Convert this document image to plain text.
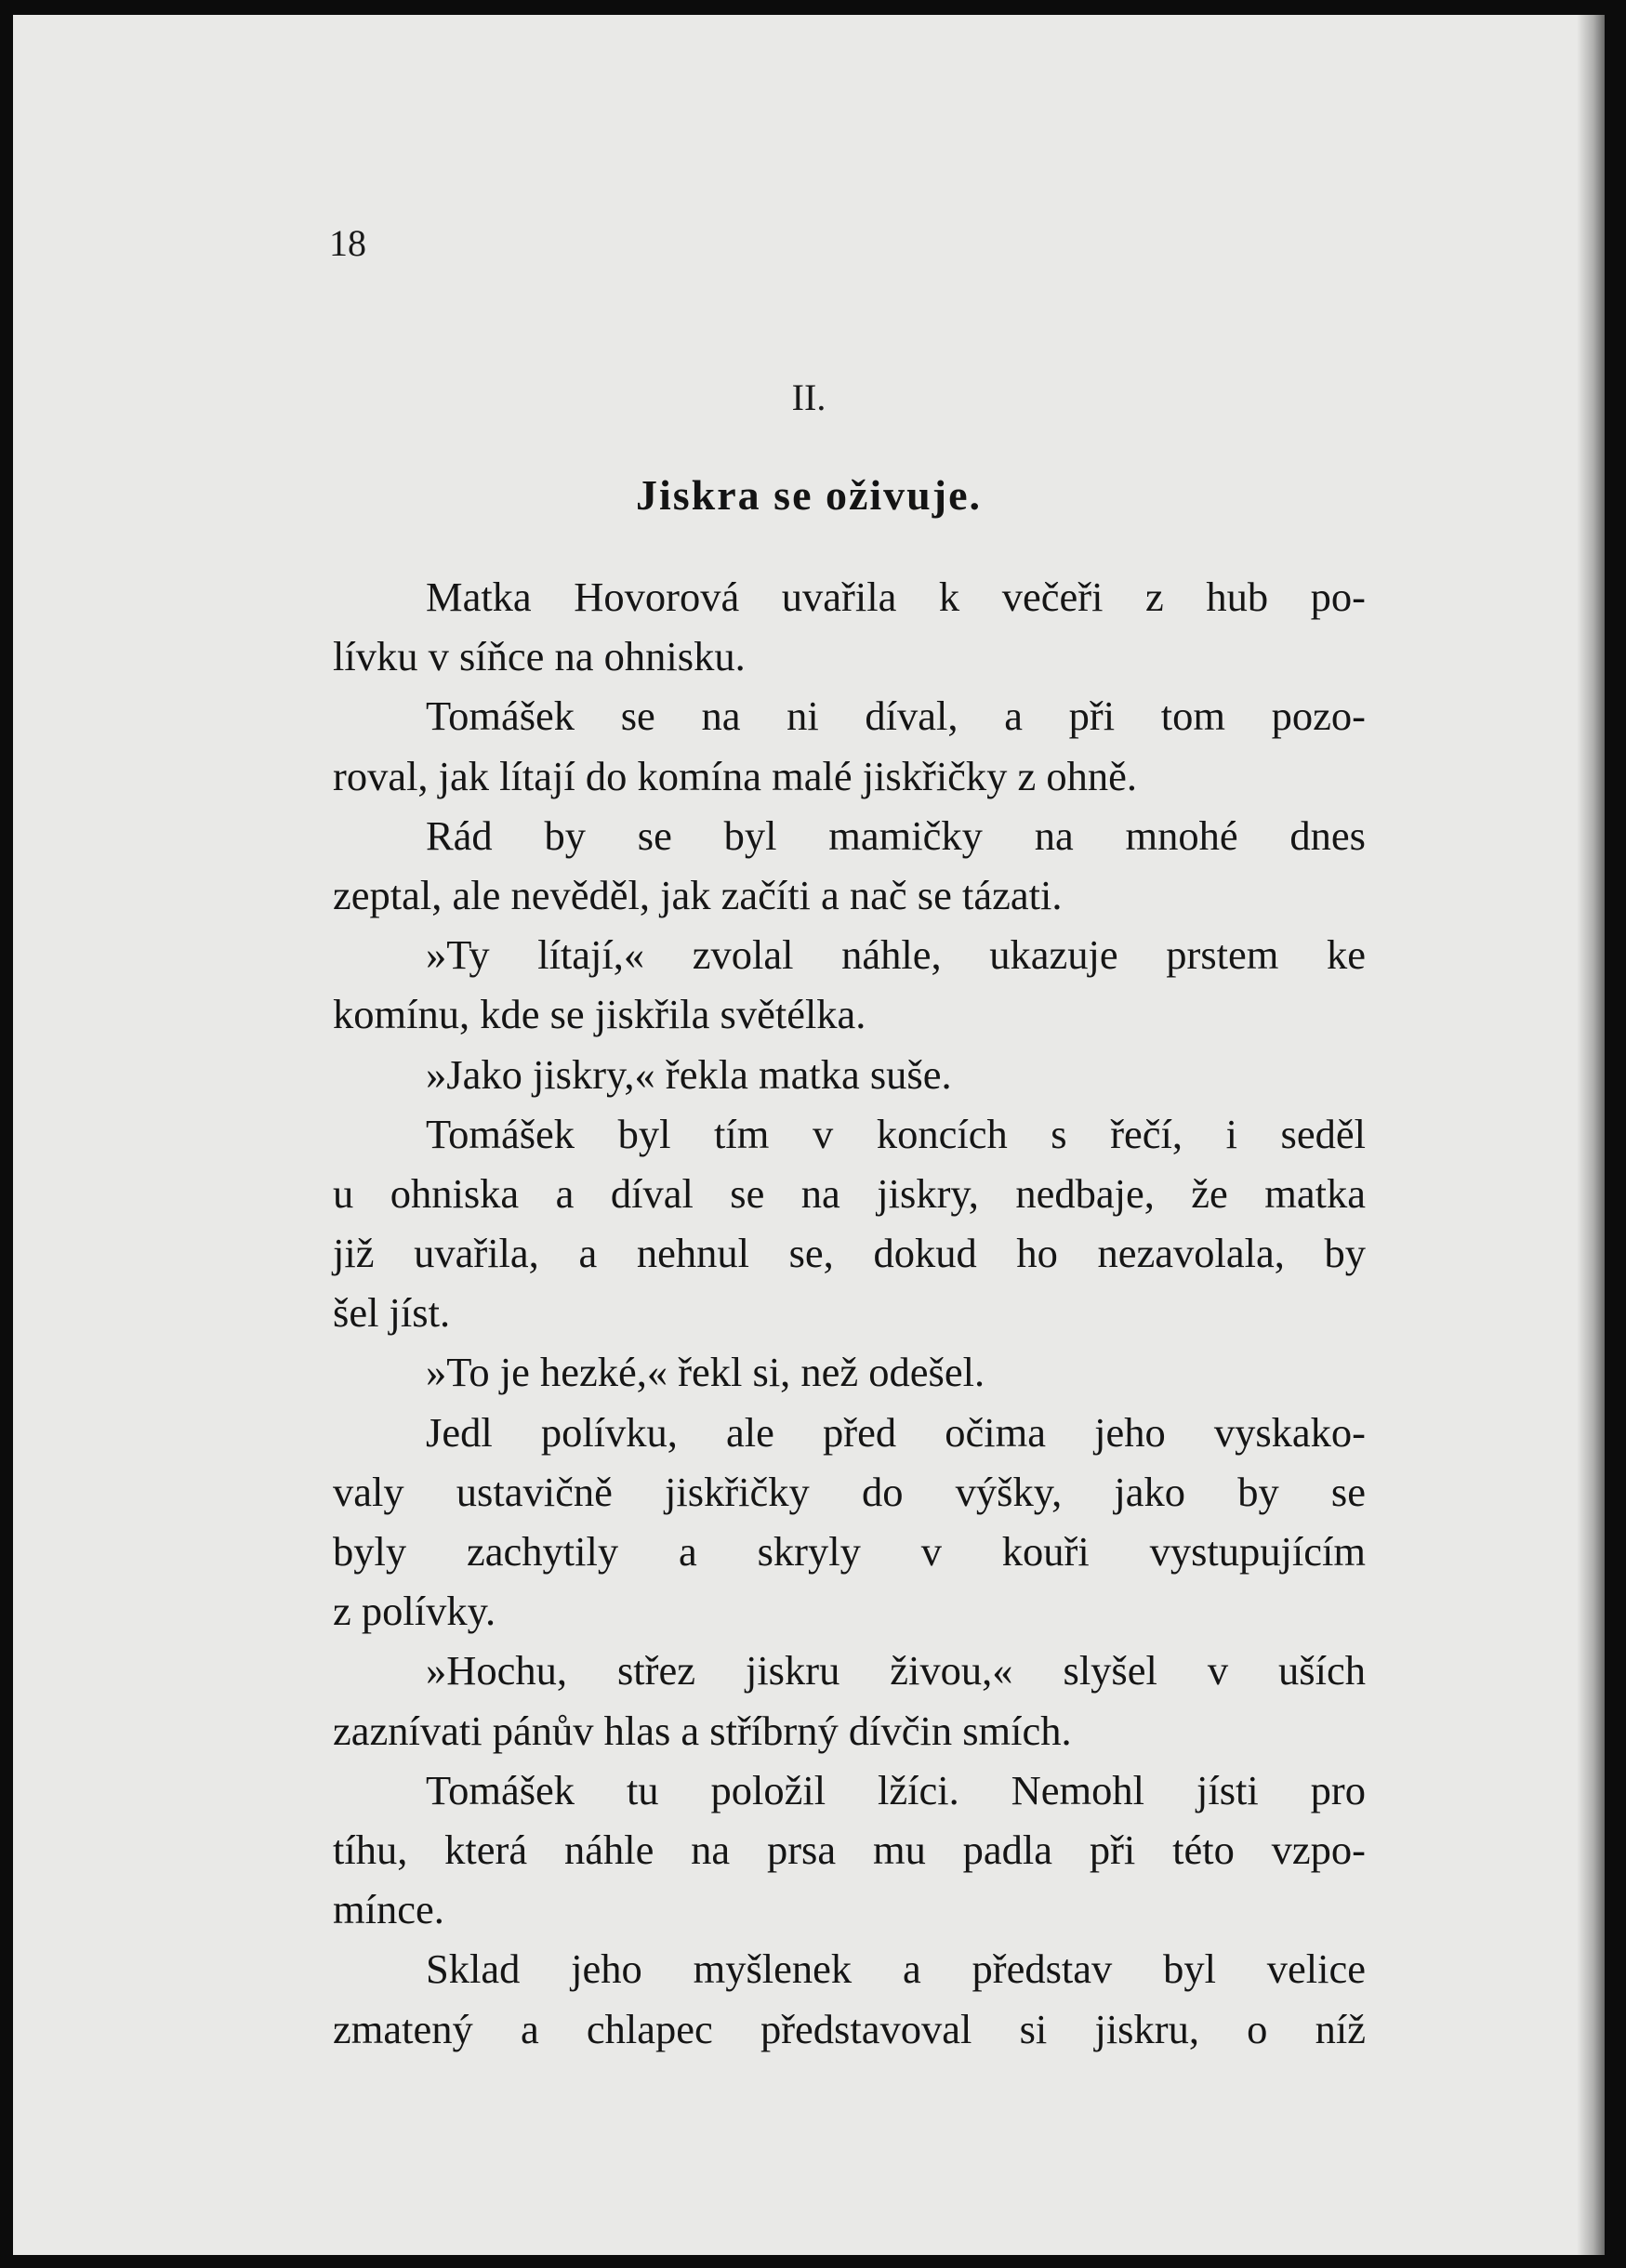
18
II.
Jiskra se oživuje.
Matka Hovorová uvařila k večeři z hub po-
lívku v síňce na ohnisku.
Tomášek se na ni díval, a při tom pozo-
roval, jak lítají do komína malé jiskřičky z ohně.
Rád by se byl mamičky na mnohé dnes
zeptal, ale nevěděl, jak začíti a nač se tázati.
»Ty lítají,« zvolal náhle, ukazuje prstem ke
komínu, kde se jiskřila světélka.
»Jako jiskry,« řekla matka suše.
Tomášek byl tím v koncích s řečí, i seděl
u ohniska a díval se na jiskry, nedbaje, že matka
již uvařila, a nehnul se, dokud ho nezavolala, by
šel jíst.
»To je hezké,« řekl si, než odešel.
Jedl polívku, ale před očima jeho vyskako-
valy ustavičně jiskřičky do výšky, jako by se
byly zachytily a skryly v kouři vystupujícím
z polívky.
»Hochu, střez jiskru živou,« slyšel v uších
zaznívati pánův hlas a stříbrný dívčin smích.
Tomášek tu položil lžíci. Nemohl jísti pro
tíhu, která náhle na prsa mu padla při této vzpo-
mínce.
Sklad jeho myšlenek a představ byl velice
zmatený a chlapec představoval si jiskru, o níž
